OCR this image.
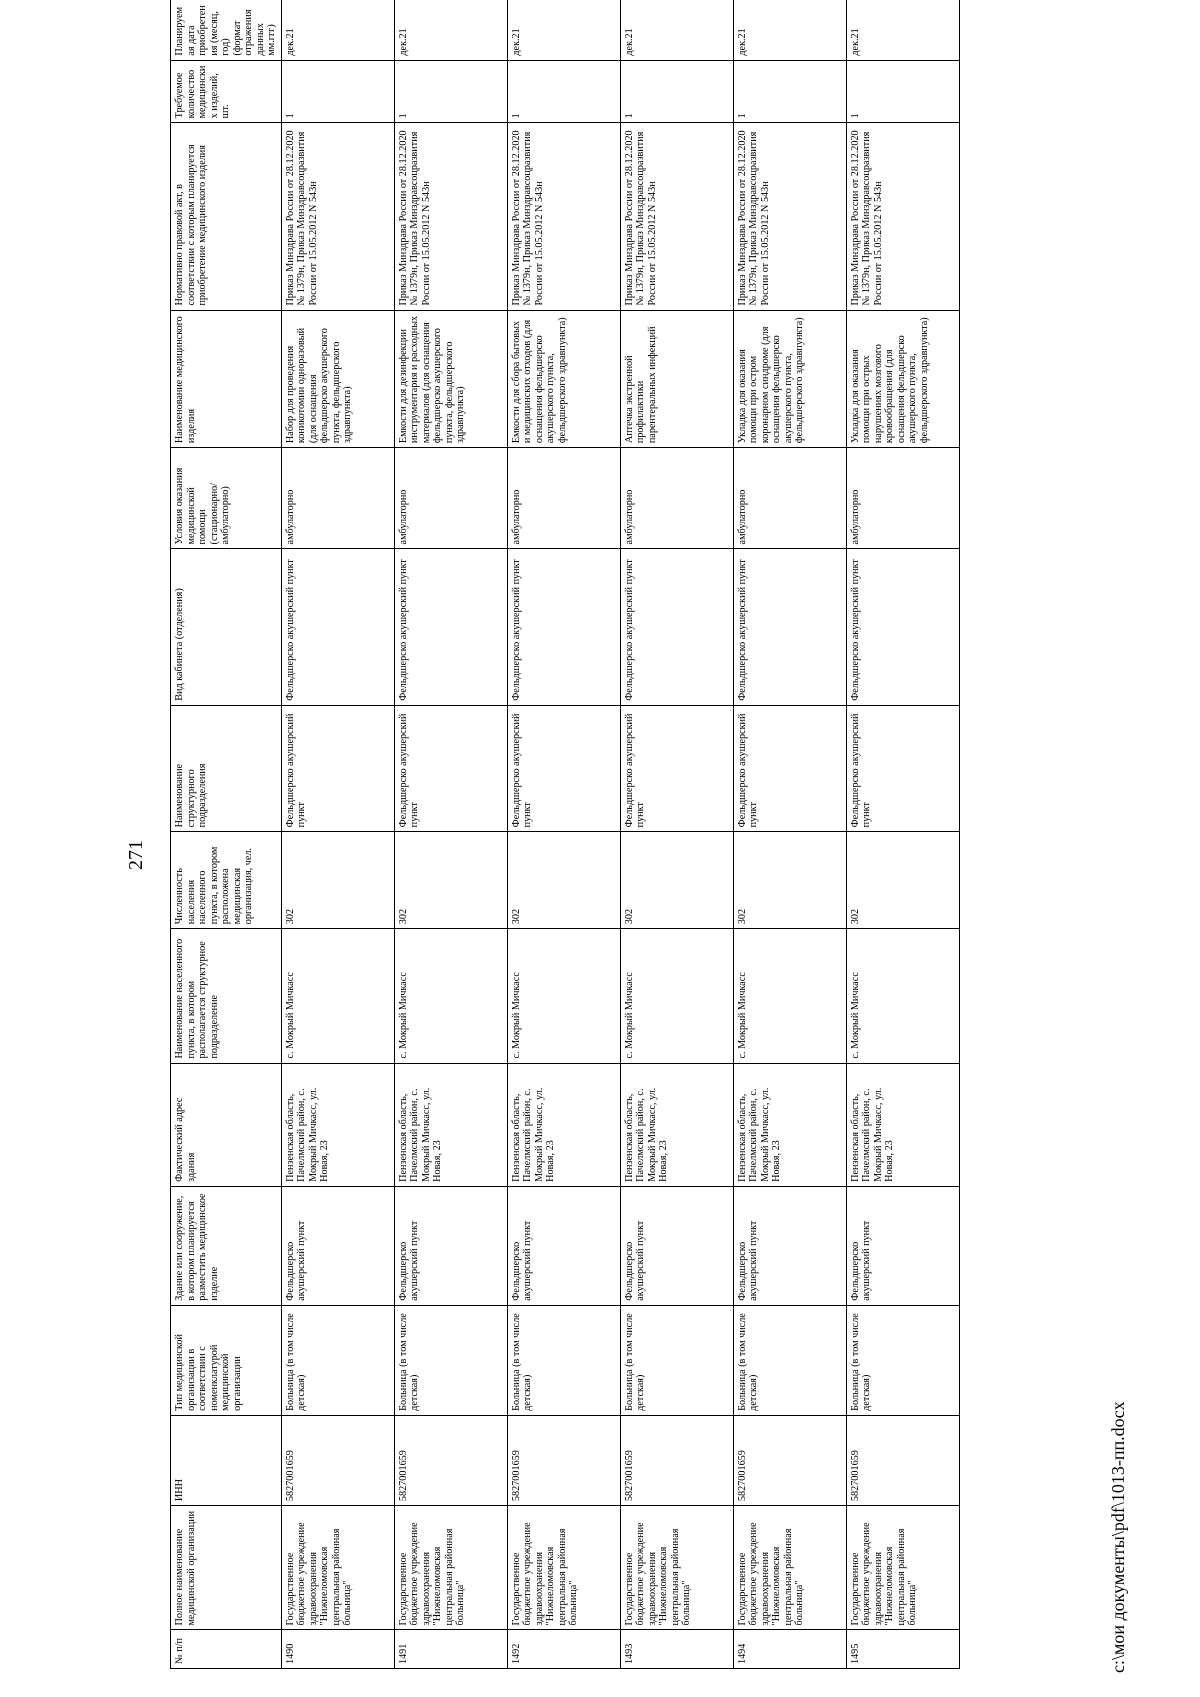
271
№ п/п	Полное наименование медицинской организации	ИНН	Тип медицинской организации в соответствии с номенклатурой медицинской организации	Здание или сооружение, в котором планируется разместить медицинское изделие	Фактический адрес здания	Наименование населенного пункта, в котором располагается структурное подразделение	Численность населения населенного пункта, в котором расположена медицинская организация, чел.	Наименование структурного подразделения	Вид кабинета (отделения)	Условия оказания медицинской помощи (стационарно/амбулаторно)	Наименование медицинского изделия	Нормативно правовой акт, в соответствии с которым планируется приобретение медицинского изделия	Требуемое количество медицинских изделий, шт.	Планируемая дата приобретения (месяц, год) (формат отражения данных мм.ггг)
1490	Государственное бюджетное учреждение здравоохранения "Нижнеломовская центральная районная больница"	5827001659	Больница (в том числе детская)	Фельдшерско акушерский пункт	Пензенская область, Пачелмский район, с. Мокрый Мичкасс, ул. Новая, 23	с. Мокрый Мичкасс	302	Фельдшерско акушерский пункт	Фельдшерско акушерский пункт	амбулаторно	Набор для проведения коникотомии одноразовый (для оснащения фельдшерско акушерского пункта, фельдшерского здравпункта)	Приказ Минздрава России от 28.12.2020 № 1379н, Приказ Минздравсоцразвития России от 15.05.2012 N 543н	1	дек.21
1491	Государственное бюджетное учреждение здравоохранения "Нижнеломовская центральная районная больница"	5827001659	Больница (в том числе детская)	Фельдшерско акушерский пункт	Пензенская область, Пачелмский район, с. Мокрый Мичкасс, ул. Новая, 23	с. Мокрый Мичкасс	302	Фельдшерско акушерский пункт	Фельдшерско акушерский пункт	амбулаторно	Емкости для дезинфекции инструментария и расходных материалов (для оснащения фельдшерско акушерского пункта, фельдшерского здравпункта)	Приказ Минздрава России от 28.12.2020 № 1379н, Приказ Минздравсоцразвития России от 15.05.2012 N 543н	1	дек.21
1492	Государственное бюджетное учреждение здравоохранения "Нижнеломовская центральная районная больница"	5827001659	Больница (в том числе детская)	Фельдшерско акушерский пункт	Пензенская область, Пачелмский район, с. Мокрый Мичкасс, ул. Новая, 23	с. Мокрый Мичкасс	302	Фельдшерско акушерский пункт	Фельдшерско акушерский пункт	амбулаторно	Емкости для сбора бытовых и медицинских отходов (для оснащения фельдшерско акушерского пункта, фельдшерского здравпункта)	Приказ Минздрава России от 28.12.2020 № 1379н, Приказ Минздравсоцразвития России от 15.05.2012 N 543н	1	дек.21
1493	Государственное бюджетное учреждение здравоохранения "Нижнеломовская центральная районная больница"	5827001659	Больница (в том числе детская)	Фельдшерско акушерский пункт	Пензенская область, Пачелмский район, с. Мокрый Мичкасс, ул. Новая, 23	с. Мокрый Мичкасс	302	Фельдшерско акушерский пункт	Фельдшерско акушерский пункт	амбулаторно	Аптечка экстренной профилактики парентеральных инфекций	Приказ Минздрава России от 28.12.2020 № 1379н, Приказ Минздравсоцразвития России от 15.05.2012 N 543н	1	дек.21
1494	Государственное бюджетное учреждение здравоохранения "Нижнеломовская центральная районная больница"	5827001659	Больница (в том числе детская)	Фельдшерско акушерский пункт	Пензенская область, Пачелмский район, с. Мокрый Мичкасс, ул. Новая, 23	с. Мокрый Мичкасс	302	Фельдшерско акушерский пункт	Фельдшерско акушерский пункт	амбулаторно	Укладка для оказания помощи при остром коронарном синдроме (для оснащения фельдшерско акушерского пункта, фельдшерского здравпункта)	Приказ Минздрава России от 28.12.2020 № 1379н, Приказ Минздравсоцразвития России от 15.05.2012 N 543н	1	дек.21
1495	Государственное бюджетное учреждение здравоохранения "Нижнеломовская центральная районная больница"	5827001659	Больница (в том числе детская)	Фельдшерско акушерский пункт	Пензенская область, Пачелмский район, с. Мокрый Мичкасс, ул. Новая, 23	с. Мокрый Мичкасс	302	Фельдшерско акушерский пункт	Фельдшерско акушерский пункт	амбулаторно	Укладка для оказания помощи при острых нарушениях мозгового кровообращения (для оснащения фельдшерско акушерского пункта, фельдшерского здравпункта)	Приказ Минздрава России от 28.12.2020 № 1379н, Приказ Минздравсоцразвития России от 15.05.2012 N 543н	1	дек.21
c:\мои документы\pdf\1013-пп.docx
